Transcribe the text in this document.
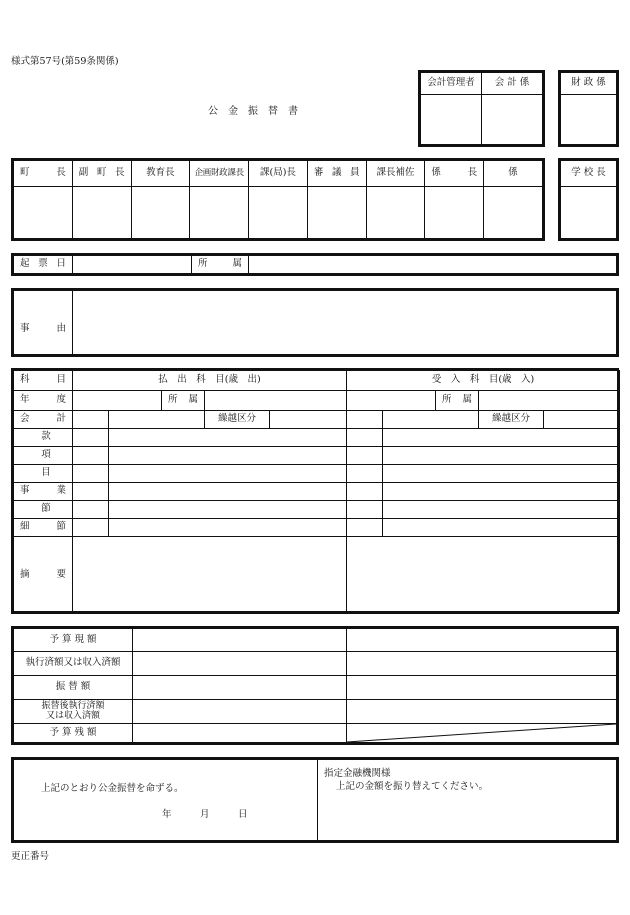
様式第57号(第59条関係)
公　金　振　替　書
会計管理者	会 計 係
		財 政 係

町　　長	副 町 長	教育長	企画財政課長	課(局)長	審 議 員	課長補佐	係　　長	係
									学 校 長

起 票 日		所　　属	
事　　由	
科　　目	払　出　科　目(歳　出)					受　入　科　目(歳　入)				
年　　度			所　属					所　属		
会　　計				繰越区分					繰越区分	
款										
項										
目										
事　　業										
節										
細　　節										
摘　　要										
予 算 現 額		
執行済額又は収入済額		
振 替 額		
振替後執行済額
又は収入済額		
予 算 残 額		
上記のとおり公金振替を命ずる。
年　　　月　　　日

指定金融機関様
上記の金額を振り替えてください。
更正番号
